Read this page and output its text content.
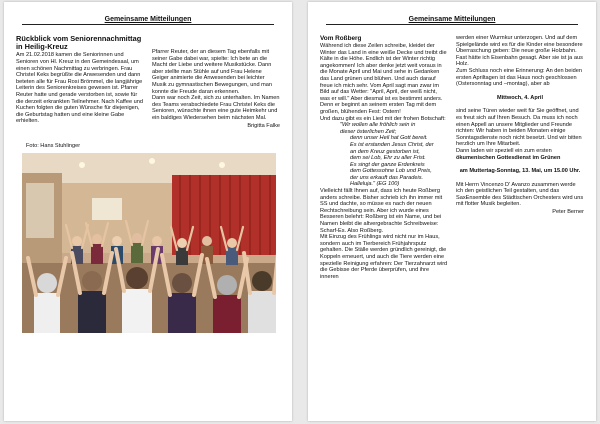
Gemeinsame Mitteilungen
Rückblick vom Seniorennachmittag in Heilig-Kreuz
Am 21.02.2018 kamen die Seniorinnen und Senioren von Hl. Kreuz in den Gemeindesaal, um einen schönen Nachmittag zu verbringen. Frau Christel Keks begrüßte die Anwesenden und dann beteten alle für Frau Rosi Brömmel, die langjährige Leiterin des Seniorenkreises gewesen ist. Pfarrer Reuter hatte und gerade verstorben ist, sowie für die derzeit erkrankten Teilnehmer. Nach Kaffee und Kuchen folgten die guten Wünsche für diejenigen, die Geburtstag hatten und eine kleine Gabe erhielten.
Pfarrer Reuter, der an diesem Tag ebenfalls mit seiner Gabe dabei war, spielte: Ich bete an die Macht der Liebe und weitere Musikstücke. Dann aber stellte man Stühle auf und Frau Helene Geiger animierte die Anwesenden bei leichter Musik zu gymnastischen Bewegungen, und man konnte die Freude daran erkennen.
Dann war noch Zeit, sich zu unterhalten. Im Namen des Teams verabschiedete Frau Christel Keks die Senioren, wünschte ihnen eine gute Heimkehr und ein baldiges Wiedersehen beim nächsten Mal.
Brigitta Falke
Foto: Hans Stuhlinger
Gemeinsame Mitteilungen
Vom Roßberg
Während ich diese Zeilen schreibe, kleidet der Winter das Land in eine weiße Decke und treibt die Kälte in die Höhe. Endlich ist der Winter richtig angekommen! Ich aber denke jetzt weit voraus in die Monate April und Mai und sehe in Gedanken das Land grünen und blühen. Und auch darauf freue ich mich sehr. Vom April sagt man zwar im Bild auf das Wetter: "April, April, der weiß nicht, was er will." Aber diesmal ist es bestimmt anders. Denn er beginnt an seinem ersten Tag mit dem großen, blühenden Fest: Ostern!
Und dazu gibt es ein Lied mit der frohen Botschaft:
"Wir wollen alle fröhlich sein in
dieser österlichen Zeit;
denn unser Heil hat Gott bereit.
Es ist erstanden Jesus Christ, der
an dem Kreuz gestorben ist,
dem sei Lob, Ehr zu aller Frist.
Es singt der ganze Erdenkreis
dem Gottessohne Lob und Preis,
der uns erkauft das Paradeis.
Halleluja." (EG 100)
Vielleicht fällt Ihnen auf, dass ich heute Roßberg anders schreibe. Bisher schrieb ich ihn immer mit SS und dachte, so müsse es nach der neuen Rechtschreibung sein. Aber ich wurde eines Besseren belehrt: Roßberg ist ein Name, und bei Namen bleibt die altvergebrachte Schreibweise: Scharf-Es. Also Roßberg.
Mit Einzug des Frühlings wird nicht nur im Haus, sondern auch im Tierbereich Frühjahrsputz gehalten. Die Ställe werden gründlich gereinigt, die Koppeln erneuert, und auch die Tiere werden eine spezielle Reinigung erfahren: Der Tierzahnarzt wird die Gebisse der Pferde überprüfen, und ihre inneren
werden einer Wurmkur unterzogen. Und auf dem Spielgelände wird es für die Kinder eine besondere Überraschung geben: Die neue große Holzbahn. Fast hätte ich Eisenbahn gesagt. Aber sie ist ja aus Holz.
Zum Schluss noch eine Erinnerung: An den beiden ersten Apriltagen ist das Haus noch geschlossen (Ostersonntag und –montag), aber ab
Mittwoch, 4. April
sind seine Türen wieder weit für Sie geöffnet, und es freut sich auf Ihren Besuch. Da muss ich noch einen Appell an unsere Mitglieder und Freunde richten: Wir haben in beiden Monaten einige Sonntagsdienste noch nicht besetzt. Und wir bitten herzlich um Ihre Mitarbeit.
Dann laden wir speziell ein zum ersten
ökumenischen Gottesdienst im Grünen
am Muttertag-Sonntag, 13. Mai, um 15.00 Uhr.
Mit Herrn Vincenzo D' Avanzo zusammen werde ich den geistlichen Teil gestalten, und das SaxEnsemble des Städtischen Orchesters wird uns mit flotter Musik begleiten.
Peter Berner
